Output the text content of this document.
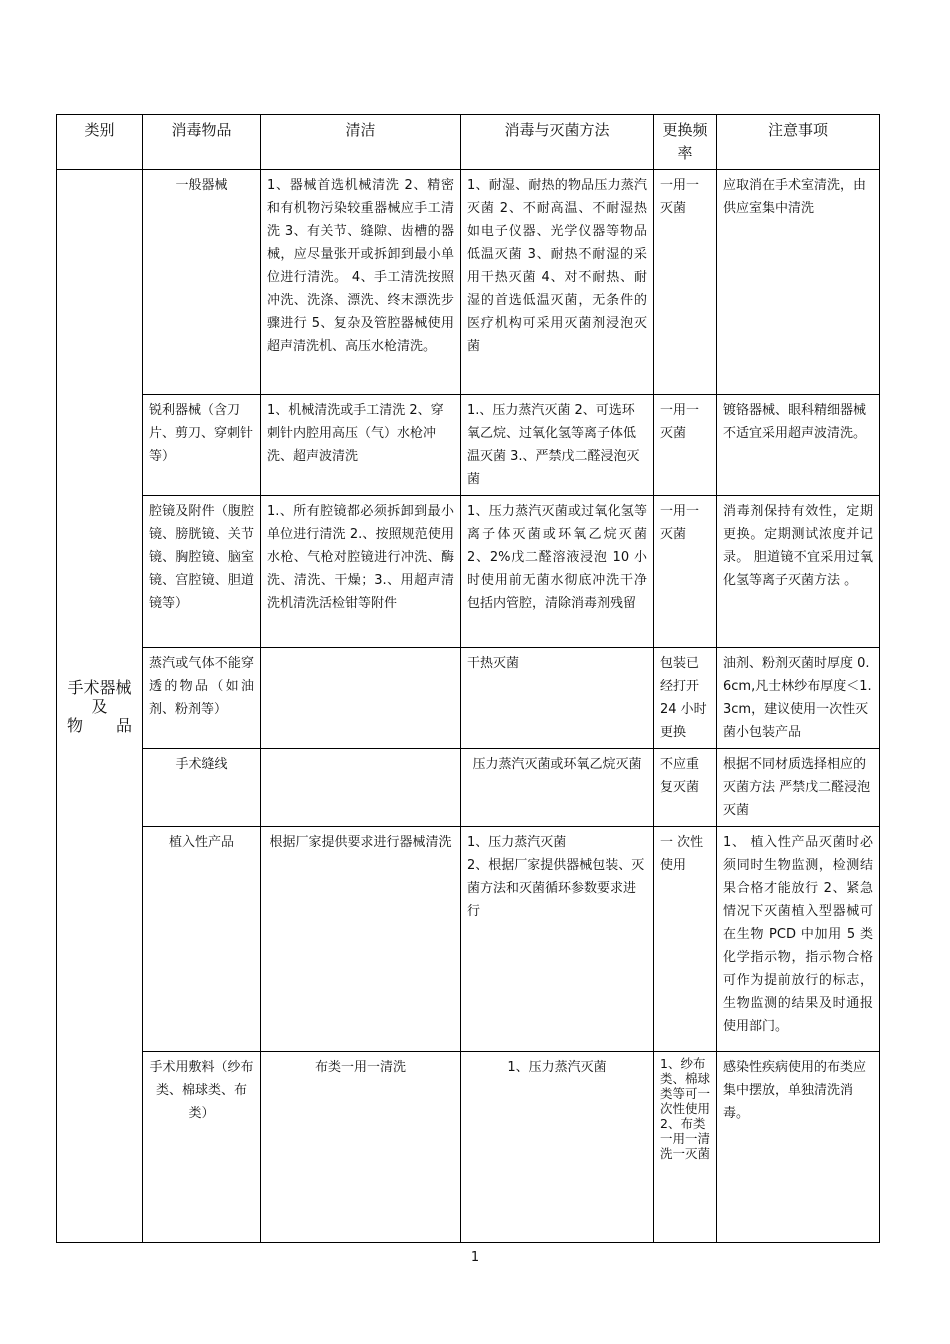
类别	消毒物品	清洁	消毒与灭菌方法	更换频率	注意事项

手术器械
及
物 品	一般器械	1、器械首选机械清洗 2、精密和有机物污染较重器械应手工清洗 3、有关节、缝隙、齿槽的器械，应尽量张开或拆卸到最小单位进行清洗。 4、手工清洗按照冲洗、洗涤、漂洗、终末漂洗步骤进行 5、复杂及管腔器械使用超声清洗机、高压水枪清洗。	1、耐湿、耐热的物品压力蒸汽灭菌 2、不耐高温、不耐湿热如电子仪器、光学仪器等物品低温灭菌 3、耐热不耐湿的采用干热灭菌 4、对不耐热、耐湿的首选低温灭菌，无条件的医疗机构可采用灭菌剂浸泡灭菌	一用一灭菌	应取消在手术室清洗，由供应室集中清洗
	锐利器械（含刀片、剪刀、穿刺针等）	1、机械清洗或手工清洗 2、穿刺针内腔用高压（气）水枪冲洗、超声波清洗	1.、压力蒸汽灭菌 2、可选环氧乙烷、过氧化氢等离子体低温灭菌 3.、严禁戊二醛浸泡灭菌	一用一灭菌	镀铬器械、眼科精细器械不适宜采用超声波清洗。
	腔镜及附件（腹腔镜、膀胱镜、关节镜、胸腔镜、脑室镜、宫腔镜、胆道镜等）	1.、所有腔镜都必须拆卸到最小单位进行清洗 2.、按照规范使用水枪、气枪对腔镜进行冲洗、酶洗、清洗、干燥；3.、用超声清洗机清洗活检钳等附件	1、压力蒸汽灭菌或过氧化氢等离子体灭菌或环氧乙烷灭菌 2、2%戊二醛溶液浸泡 10 小时使用前无菌水彻底冲洗干净包括内管腔，清除消毒剂残留	一用一灭菌	消毒剂保持有效性，定期更换。定期测试浓度并记录。 胆道镜不宜采用过氧化氢等离子灭菌方法 。
	蒸汽或气体不能穿透的物品（如油剂、粉剂等）		干热灭菌	包装已经打开 24 小时更换	油剂、粉剂灭菌时厚度 0.6cm,凡士林纱布厚度＜1.3cm，建议使用一次性灭菌小包装产品
	手术缝线		压力蒸汽灭菌或环氧乙烷灭菌	不应重复灭菌	根据不同材质选择相应的灭菌方法 严禁戊二醛浸泡灭菌
	植入性产品	根据厂家提供要求进行器械清洗	1、压力蒸汽灭菌
2、根据厂家提供器械包装、灭菌方法和灭菌循环参数要求进行	一 次性使用	1、 植入性产品灭菌时必须同时生物监测，检测结果合格才能放行 2、紧急情况下灭菌植入型器械可在生物 PCD 中加用 5 类化学指示物，指示物合格可作为提前放行的标志，生物监测的结果及时通报使用部门。
	手术用敷料（纱布类、棉球类、布类）	布类一用一清洗	1、压力蒸汽灭菌	1、纱布类、棉球类等可一次性使用 2、布类一用一清洗一灭菌	感染性疾病使用的布类应集中摆放，单独清洗消毒。
1
